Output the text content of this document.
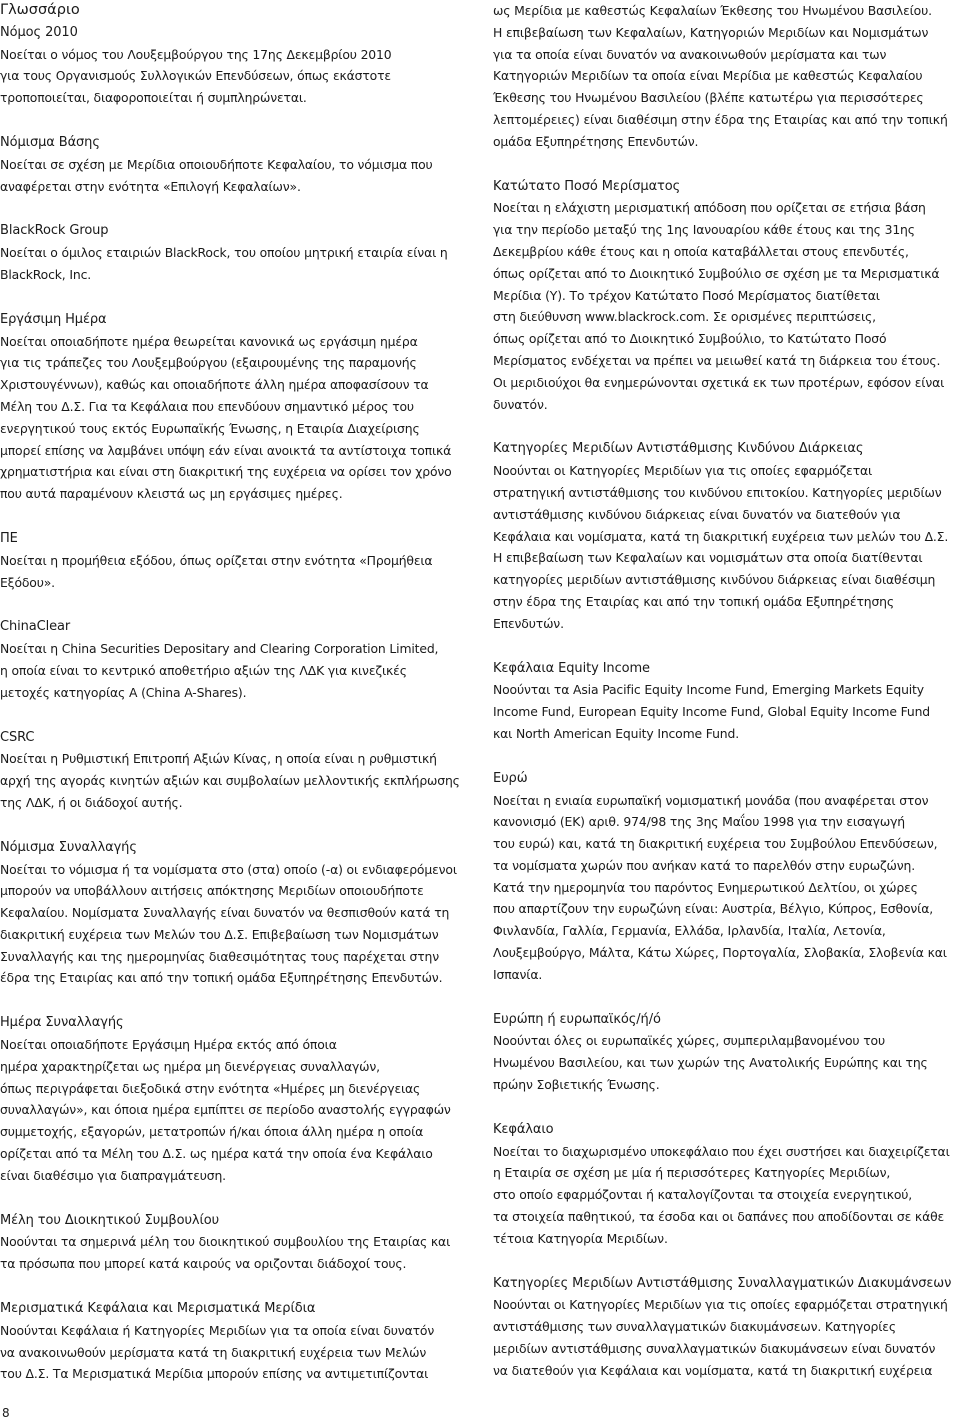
Γλωσσάριο
Νόμος 2010
Νοείται ο νόμος του Λουξεμβούργου της 17ης Δεκεμβρίου 2010
για τους Οργανισμούς Συλλογικών Επενδύσεων, όπως εκάστοτε
τροποποιείται, διαφοροποιείται ή συμπληρώνεται.
Νόμισμα Βάσης
Νοείται σε σχέση με Μερίδια οποιουδήποτε Κεφαλαίου, το νόμισμα που
αναφέρεται στην ενότητα «Επιλογή Κεφαλαίων».
BlackRock Group
Νοείται ο όμιλος εταιριών BlackRock, του οποίου μητρική εταιρία είναι η
BlackRock, Inc.
Εργάσιμη Ημέρα
Νοείται οποιαδήποτε ημέρα θεωρείται κανονικά ως εργάσιμη ημέρα
για τις τράπεζες του Λουξεμβούργου (εξαιρουμένης της παραμονής
Χριστουγέννων), καθώς και οποιαδήποτε άλλη ημέρα αποφασίσουν τα
Μέλη του Δ.Σ. Για τα Κεφάλαια που επενδύουν σημαντικό μέρος του
ενεργητικού τους εκτός Ευρωπαϊκής Ένωσης, η Εταιρία Διαχείρισης
μπορεί επίσης να λαμβάνει υπόψη εάν είναι ανοικτά τα αντίστοιχα τοπικά
χρηματιστήρια και είναι στη διακριτική της ευχέρεια να ορίσει τον χρόνο
που αυτά παραμένουν κλειστά ως μη εργάσιμες ημέρες.
ΠΕ
Νοείται η προμήθεια εξόδου, όπως ορίζεται στην ενότητα «Προμήθεια
Εξόδου».
ChinaClear
Νοείται η China Securities Depositary and Clearing Corporation Limited,
η οποία είναι το κεντρικό αποθετήριο αξιών της ΛΔΚ για κινεζικές
μετοχές κατηγορίας Α (China A-Shares).
CSRC
Νοείται η Ρυθμιστική Επιτροπή Αξιών Κίνας, η οποία είναι η ρυθμιστική
αρχή της αγοράς κινητών αξιών και συμβολαίων μελλοντικής εκπλήρωσης
της ΛΔΚ, ή οι διάδοχοί αυτής.
Νόμισμα Συναλλαγής
Νοείται το νόμισμα ή τα νομίσματα στο (στα) οποίο (-α) οι ενδιαφερόμενοι
μπορούν να υποβάλλουν αιτήσεις απόκτησης Μεριδίων οποιουδήποτε
Κεφαλαίου. Νομίσματα Συναλλαγής είναι δυνατόν να θεσπισθούν κατά τη
διακριτική ευχέρεια των Μελών του Δ.Σ. Επιβεβαίωση των Νομισμάτων
Συναλλαγής και της ημερομηνίας διαθεσιμότητας τους παρέχεται στην
έδρα της Εταιρίας και από την τοπική ομάδα Εξυπηρέτησης Επενδυτών.
Ημέρα Συναλλαγής
Νοείται οποιαδήποτε Εργάσιμη Ημέρα εκτός από όποια
ημέρα χαρακτηρίζεται ως ημέρα μη διενέργειας συναλλαγών,
όπως περιγράφεται διεξοδικά στην ενότητα «Ημέρες μη διενέργειας
συναλλαγών», και όποια ημέρα εμπίπτει σε περίοδο αναστολής εγγραφών
συμμετοχής, εξαγορών, μετατροπών ή/και όποια άλλη ημέρα η οποία
ορίζεται από τα Μέλη του Δ.Σ. ως ημέρα κατά την οποία ένα Κεφάλαιο
είναι διαθέσιμο για διαπραγμάτευση.
Μέλη του Διοικητικού Συμβουλίου
Νοούνται τα σημερινά μέλη του διοικητικού συμβουλίου της Εταιρίας και
τα πρόσωπα που μπορεί κατά καιρούς να οριζονται διάδοχοί τους.
Μερισματικά Κεφάλαια και Μερισματικά Μερίδια
Νοούνται Κεφάλαια ή Κατηγορίες Μεριδίων για τα οποία είναι δυνατόν
να ανακοινωθούν μερίσματα κατά τη διακριτική ευχέρεια των Μελών
του Δ.Σ. Τα Μερισματικά Μερίδια μπορούν επίσης να αντιμετιπίζονται
ως Μερίδια με καθεστώς Κεφαλαίων Έκθεσης του Ηνωμένου Βασιλείου.
Η επιβεβαίωση των Κεφαλαίων, Κατηγοριών Μεριδίων και Νομισμάτων
για τα οποία είναι δυνατόν να ανακοινωθούν μερίσματα και των
Κατηγοριών Μεριδίων τα οποία είναι Μερίδια με καθεστώς Κεφαλαίου
Έκθεσης του Ηνωμένου Βασιλείου (βλέπε κατωτέρω για περισσότερες
λεπτομέρειες) είναι διαθέσιμη στην έδρα της Εταιρίας και από την τοπική
ομάδα Εξυπηρέτησης Επενδυτών.
Κατώτατο Ποσό Μερίσματος
Νοείται η ελάχιστη μερισματική απόδοση που ορίζεται σε ετήσια βάση
για την περίοδο μεταξύ της 1ης Ιανουαρίου κάθε έτους και της 31ης
Δεκεμβρίου κάθε έτους και η οποία καταβάλλεται στους επενδυτές,
όπως ορίζεται από το Διοικητικό Συμβούλιο σε σχέση με τα Μερισματικά
Μερίδια (Υ). Το τρέχον Κατώτατο Ποσό Μερίσματος διατίθεται
στη διεύθυνση www.blackrock.com. Σε ορισμένες περιπτώσεις,
όπως ορίζεται από το Διοικητικό Συμβούλιο, το Κατώτατο Ποσό
Μερίσματος ενδέχεται να πρέπει να μειωθεί κατά τη διάρκεια του έτους.
Οι μεριδιούχοι θα ενημερώνονται σχετικά εκ των προτέρων, εφόσον είναι
δυνατόν.
Κατηγορίες Μεριδίων Αντιστάθμισης Κινδύνου Διάρκειας
Νοούνται οι Κατηγορίες Μεριδίων για τις οποίες εφαρμόζεται
στρατηγική αντιστάθμισης του κινδύνου επιτοκίου. Κατηγορίες μεριδίων
αντιστάθμισης κινδύνου διάρκειας είναι δυνατόν να διατεθούν για
Κεφάλαια και νομίσματα, κατά τη διακριτική ευχέρεια των μελών του Δ.Σ.
Η επιβεβαίωση των Κεφαλαίων και νομισμάτων στα οποία διατίθενται
κατηγορίες μεριδίων αντιστάθμισης κινδύνου διάρκειας είναι διαθέσιμη
στην έδρα της Εταιρίας και από την τοπική ομάδα Εξυπηρέτησης
Επενδυτών.
Κεφάλαια Equity Income
Νοούνται τα Asia Pacific Equity Income Fund, Emerging Markets Equity
Income Fund, European Equity Income Fund, Global Equity Income Fund
και North American Equity Income Fund.
Ευρώ
Νοείται η ενιαία ευρωπαϊκή νομισματική μονάδα (που αναφέρεται στον
κανονισμό (ΕΚ) αριθ. 974/98 της 3ης Μαΐου 1998 για την εισαγωγή
του ευρώ) και, κατά τη διακριτική ευχέρεια του Συμβούλου Επενδύσεων,
τα νομίσματα χωρών που ανήκαν κατά το παρελθόν στην ευρωζώνη.
Κατά την ημερομηνία του παρόντος Ενημερωτικού Δελτίου, οι χώρες
που απαρτίζουν την ευρωζώνη είναι: Αυστρία, Βέλγιο, Κύπρος, Εσθονία,
Φινλανδία, Γαλλία, Γερμανία, Ελλάδα, Ιρλανδία, Ιταλία, Λετονία,
Λουξεμβούργο, Μάλτα, Κάτω Χώρες, Πορτογαλία, Σλοβακία, Σλοβενία και
Ισπανία.
Ευρώπη ή ευρωπαϊκός/ή/ό
Νοούνται όλες οι ευρωπαϊκές χώρες, συμπεριλαμβανομένου του
Ηνωμένου Βασιλείου, και των χωρών της Ανατολικής Ευρώπης και της
πρώην Σοβιετικής Ένωσης.
Κεφάλαιο
Νοείται το διαχωρισμένο υποκεφάλαιο που έχει συστήσει και διαχειρίζεται
η Εταιρία σε σχέση με μία ή περισσότερες Κατηγορίες Μεριδίων,
στο οποίο εφαρμόζονται ή καταλογίζονται τα στοιχεία ενεργητικού,
τα στοιχεία παθητικού, τα έσοδα και οι δαπάνες που αποδίδονται σε κάθε
τέτοια Κατηγορία Μεριδίων.
Κατηγορίες Μεριδίων Αντιστάθμισης Συναλλαγματικών Διακυμάνσεων
Νοούνται οι Κατηγορίες Μεριδίων για τις οποίες εφαρμόζεται στρατηγική
αντιστάθμισης των συναλλαγματικών διακυμάνσεων. Κατηγορίες
μεριδίων αντιστάθμισης συναλλαγματικών διακυμάνσεων είναι δυνατόν
να διατεθούν για Κεφάλαια και νομίσματα, κατά τη διακριτική ευχέρεια
8
